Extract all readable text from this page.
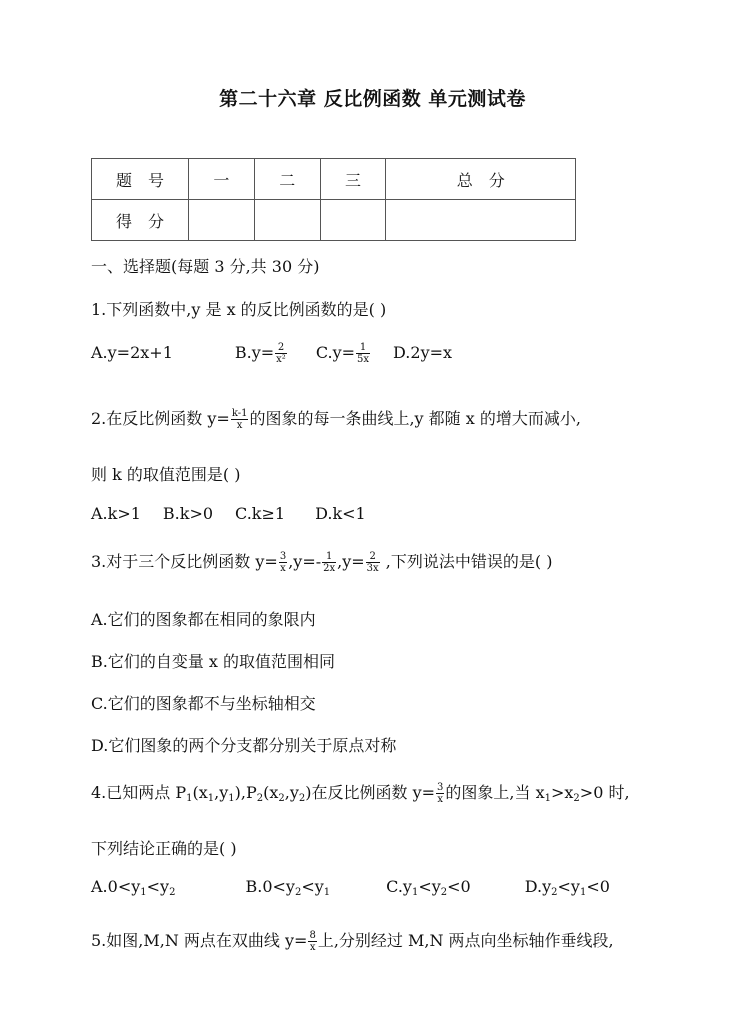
第二十六章 反比例函数 单元测试卷
题　号	一	二	三	总　分
得　分				
一、选择题(每题 3 分,共 30 分)
1.下列函数中,y 是 x 的反比例函数的是( )
A.y=2x+1	$B.y= \frac{2}{\text{x²}} C.y= \frac{1}{5x} D.2y=x$
2.在反比例函数 $y= \frac{k-1}{x}$ 的图象的每一条曲线上,y 都随 x 的增大而减小,
则 k 的取值范围是( )
A.k>1 B.k>0 C.k≥1 D.k<1
3.对于三个反比例函数 $y= \frac{3}{x} ,y=- \frac{1}{2x} ,y= \frac{2}{3x}$ ,下列说法中错误的是( )
A.它们的图象都在相同的象限内
B.它们的自变量 x 的取值范围相同
C.它们的图象都不与坐标轴相交
D.它们图象的两个分支都分别关于原点对称
4.已知两点 $P_1(x_1,y_1),P_2(x_2,y_2)$在反比例函数 $y= \frac{3}{x}$ 的图象上,当 $x_1>x_2>0$ 时,
下列结论正确的是( )
$A.0<y_1<y_2$	$B.0<y_2<y_1$	$C.y_1<y_2<0$	$D.y_2<y_1<0$
5.如图,M,N 两点在双曲线 $y= \frac{8}{x}$ 上,分别经过 M,N 两点向坐标轴作垂线段,
